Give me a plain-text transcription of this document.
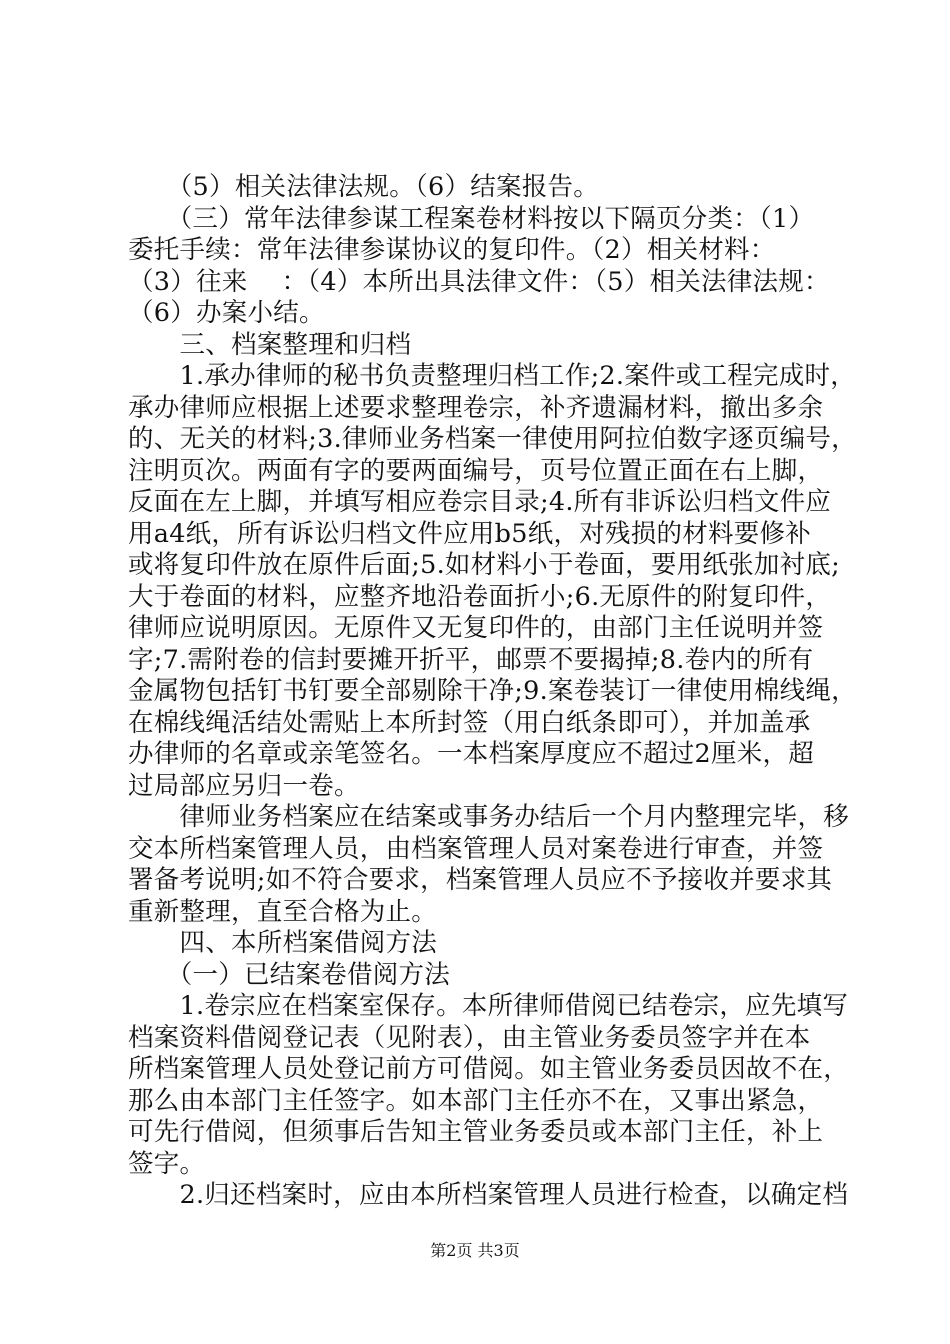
　　（5）相关法律法规。（6）结案报告。
　　（三）常年法律参谋工程案卷材料按以下隔页分类：（1）
委托手续：常年法律参谋协议的复印件。（2）相关材料：
（3）往来　 ：（4）本所出具法律文件：（5）相关法律法规：
（6）办案小结。
　　三、档案整理和归档
　　1.承办律师的秘书负责整理归档工作;2.案件或工程完成时，
承办律师应根据上述要求整理卷宗，补齐遗漏材料，撤出多余
的、无关的材料;3.律师业务档案一律使用阿拉伯数字逐页编号，
注明页次。两面有字的要两面编号，页号位置正面在右上脚，
反面在左上脚，并填写相应卷宗目录;4.所有非诉讼归档文件应
用a4纸，所有诉讼归档文件应用b5纸，对残损的材料要修补
或将复印件放在原件后面;5.如材料小于卷面，要用纸张加衬底;
大于卷面的材料，应整齐地沿卷面折小;6.无原件的附复印件，
律师应说明原因。无原件又无复印件的，由部门主任说明并签
字;7.需附卷的信封要摊开折平，邮票不要揭掉;8.卷内的所有
金属物包括钉书钉要全部剔除干净;9.案卷装订一律使用棉线绳，
在棉线绳活结处需贴上本所封签（用白纸条即可），并加盖承
办律师的名章或亲笔签名。一本档案厚度应不超过2厘米，超
过局部应另归一卷。
　　律师业务档案应在结案或事务办结后一个月内整理完毕，移
交本所档案管理人员，由档案管理人员对案卷进行审查，并签
署备考说明;如不符合要求，档案管理人员应不予接收并要求其
重新整理，直至合格为止。
　　四、本所档案借阅方法
　　（一）已结案卷借阅方法
　　1.卷宗应在档案室保存。本所律师借阅已结卷宗，应先填写
档案资料借阅登记表（见附表），由主管业务委员签字并在本
所档案管理人员处登记前方可借阅。如主管业务委员因故不在，
那么由本部门主任签字。如本部门主任亦不在，又事出紧急，
可先行借阅，但须事后告知主管业务委员或本部门主任，补上
签字。
　　2.归还档案时，应由本所档案管理人员进行检查，以确定档
第2页 共3页
